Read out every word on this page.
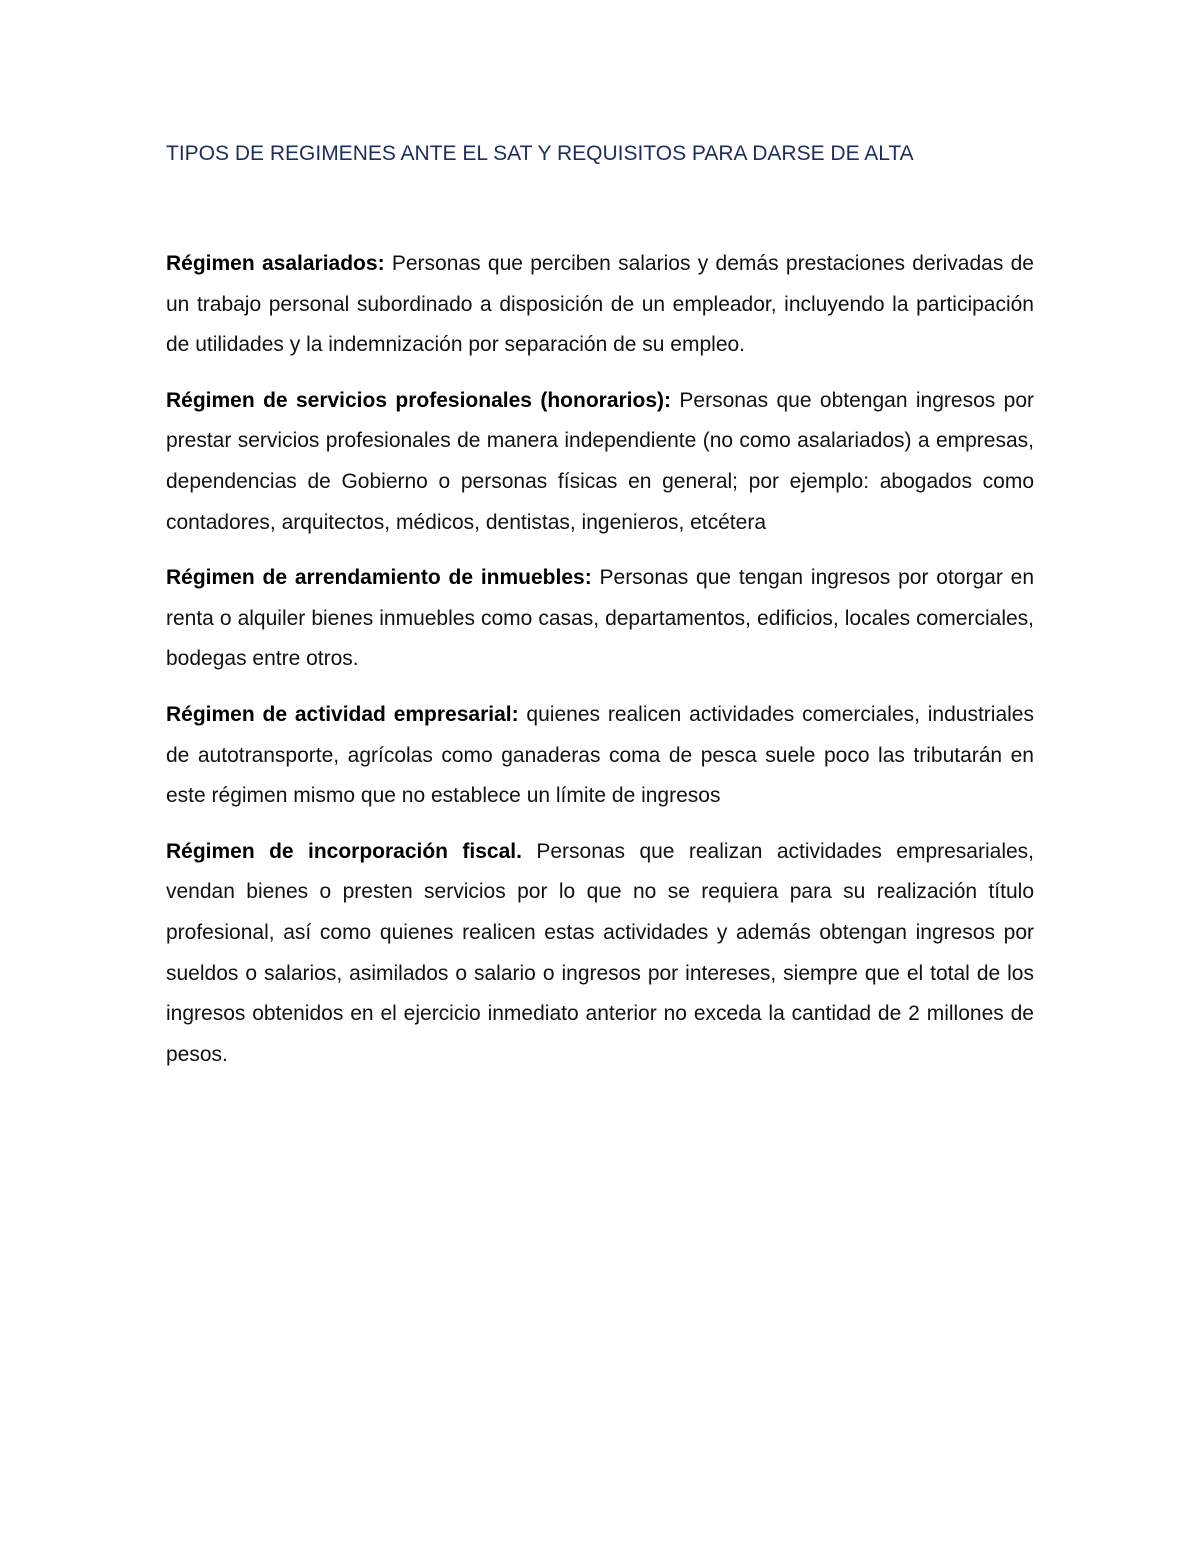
TIPOS DE REGIMENES ANTE EL SAT Y REQUISITOS PARA DARSE DE ALTA

Régimen asalariados: Personas que perciben salarios y demás prestaciones derivadas de un trabajo personal subordinado a disposición de un empleador, incluyendo la participación de utilidades y la indemnización por separación de su empleo.

Régimen de servicios profesionales (honorarios): Personas que obtengan ingresos por prestar servicios profesionales de manera independiente (no como asalariados) a empresas, dependencias de Gobierno o personas físicas en general; por ejemplo: abogados como contadores, arquitectos, médicos, dentistas, ingenieros, etcétera

Régimen de arrendamiento de inmuebles: Personas que tengan ingresos por otorgar en renta o alquiler bienes inmuebles como casas, departamentos, edificios, locales comerciales, bodegas entre otros.

Régimen de actividad empresarial: quienes realicen actividades comerciales, industriales de autotransporte, agrícolas como ganaderas coma de pesca suele poco las tributarán en este régimen mismo que no establece un límite de ingresos

Régimen de incorporación fiscal. Personas que realizan actividades empresariales, vendan bienes o presten servicios por lo que no se requiera para su realización título profesional, así como quienes realicen estas actividades y además obtengan ingresos por sueldos o salarios, asimilados o salario o ingresos por intereses, siempre que el total de los ingresos obtenidos en el ejercicio inmediato anterior no exceda la cantidad de 2 millones de pesos.
